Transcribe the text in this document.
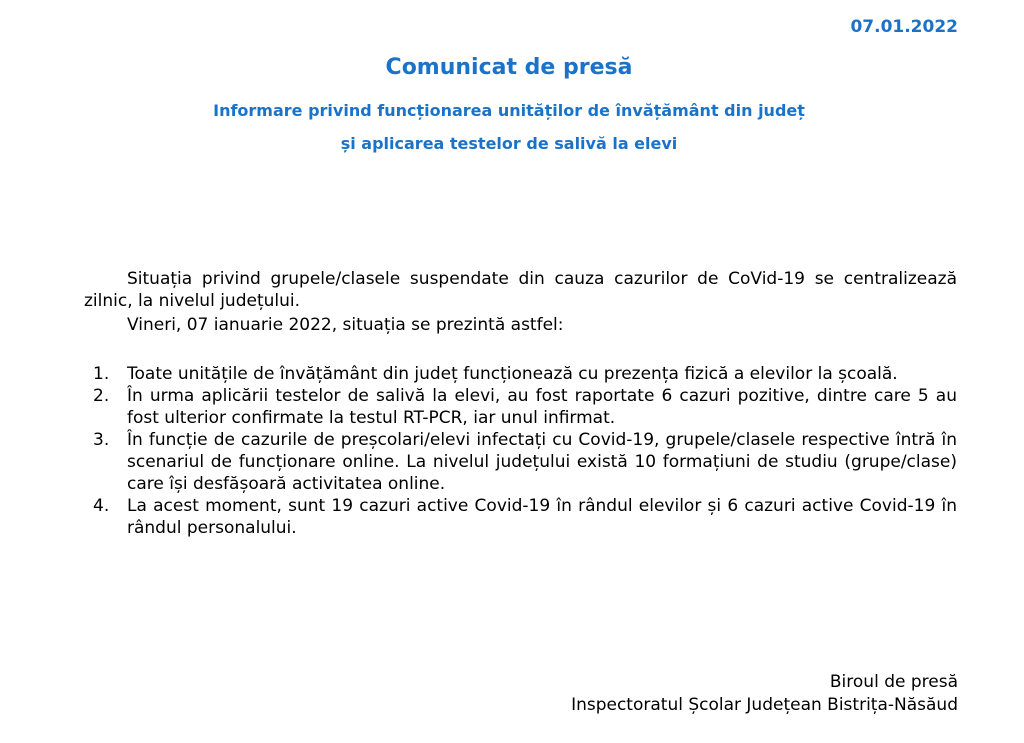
07.01.2022
Comunicat de presă
Informare privind funcționarea unităților de învățământ din județ
și aplicarea testelor de salivă la elevi

Situația privind grupele/clasele suspendate din cauza cazurilor de CoVid-19 se centralizează zilnic, la nivelul județului.

Vineri, 07 ianuarie 2022, situația se prezintă astfel:

1. Toate unitățile de învățământ din județ funcționează cu prezența fizică a elevilor la școală.
2. În urma aplicării testelor de salivă la elevi, au fost raportate 6 cazuri pozitive, dintre care 5 au fost ulterior confirmate la testul RT-PCR, iar unul infirmat.
3. În funcție de cazurile de preșcolari/elevi infectați cu Covid-19, grupele/clasele respective întră în scenariul de funcționare online. La nivelul județului există 10 formațiuni de studiu (grupe/clase) care își desfășoară activitatea online.
4. La acest moment, sunt 19 cazuri active Covid-19 în rândul elevilor și 6 cazuri active Covid-19 în rândul personalului.
Biroul de presă
Inspectoratul Școlar Județean Bistrița-Năsăud
